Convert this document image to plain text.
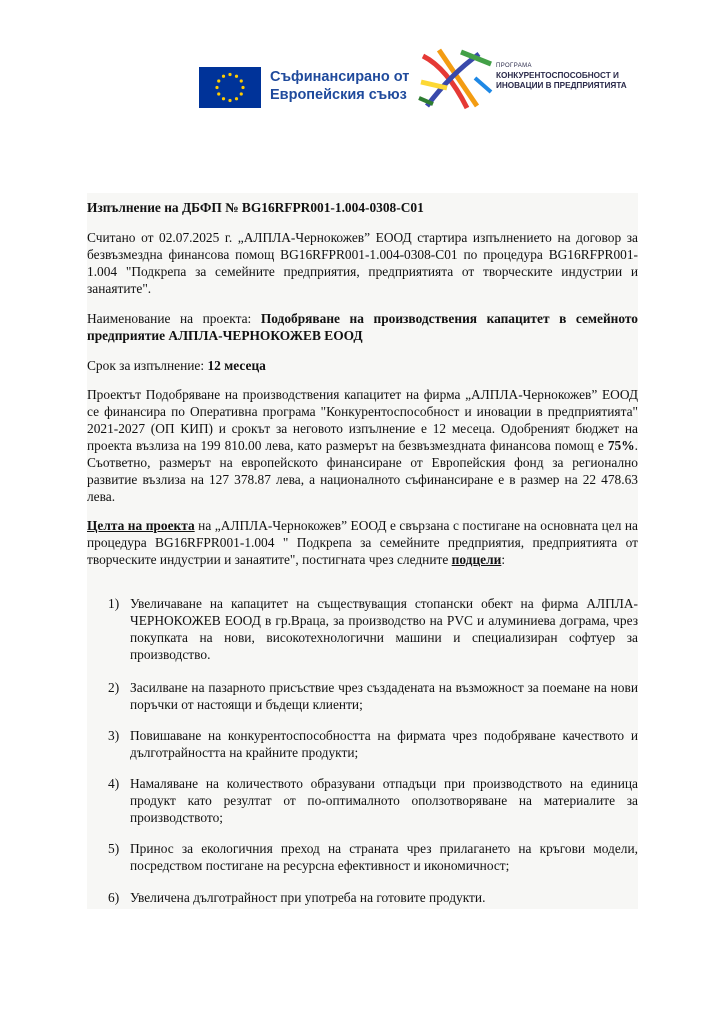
Съфинансирано от
Европейския съюз
ПРОГРАМА
КОНКУРЕНТОСПОСОБНОСТ И
ИНОВАЦИИ В ПРЕДПРИЯТИЯТА

Изпълнение на ДБФП № BG16RFPR001-1.004-0308-С01

Считано от 02.07.2025 г. „АЛПЛА-Чернокожев” ЕООД стартира изпълнението на договор за безвъзмездна финансова помощ BG16RFPR001-1.004-0308-C01 по процедура BG16RFPR001-1.004 "Подкрепа за семейните предприятия, предприятията от творческите индустрии и занаятите".

Наименование на проекта: Подобряване на производствения капацитет в семейното предприятие АЛПЛА-ЧЕРНОКОЖЕВ ЕООД

Срок за изпълнение: 12 месеца

Проектът Подобряване на производствения капацитет на фирма „АЛПЛА-Чернокожев” ЕООД се финансира по Оперативна програма "Конкурентоспособност и иновации в предприятията" 2021-2027 (ОП КИП) и срокът за неговото изпълнение е 12 месеца. Одобреният бюджет на проекта възлиза на 199 810.00 лева, като размерът на безвъзмездната финансова помощ е 75%. Съответно, размерът на европейското финансиране от Европейския фонд за регионално развитие възлиза на 127 378.87 лева, а националното съфинансиране е в размер на 22 478.63 лева.

Целта на проекта на „АЛПЛА-Чернокожев” ЕООД е свързана с постигане на основната цел на процедура BG16RFPR001-1.004 " Подкрепа за семейните предприятия, предприятията от творческите индустрии и занаятите", постигната чрез следните подцели:

1) Увеличаване на капацитет на съществуващия стопански обект на фирма АЛПЛА-ЧЕРНОКОЖЕВ ЕООД в гр.Враца, за производство на PVC и алуминиева дограма, чрез покупката на нови, високотехнологични машини и специализиран софтуер за производство.

2) Засилване на пазарното присъствие чрез създадената на възможност за поемане на нови поръчки от настоящи и бъдещи клиенти;

3) Повишаване на конкурентоспособността на фирмата чрез подобряване качеството и дълготрайността на крайните продукти;

4) Намаляване на количеството образувани отпадъци при производството на единица продукт като резултат от по-оптималното оползотворяване на материалите за производството;

5) Принос за екологичния преход на страната чрез прилагането на кръгови модели, посредством постигане на ресурсна ефективност и икономичност;

6) Увеличена дълготрайност при употреба на готовите продукти.
